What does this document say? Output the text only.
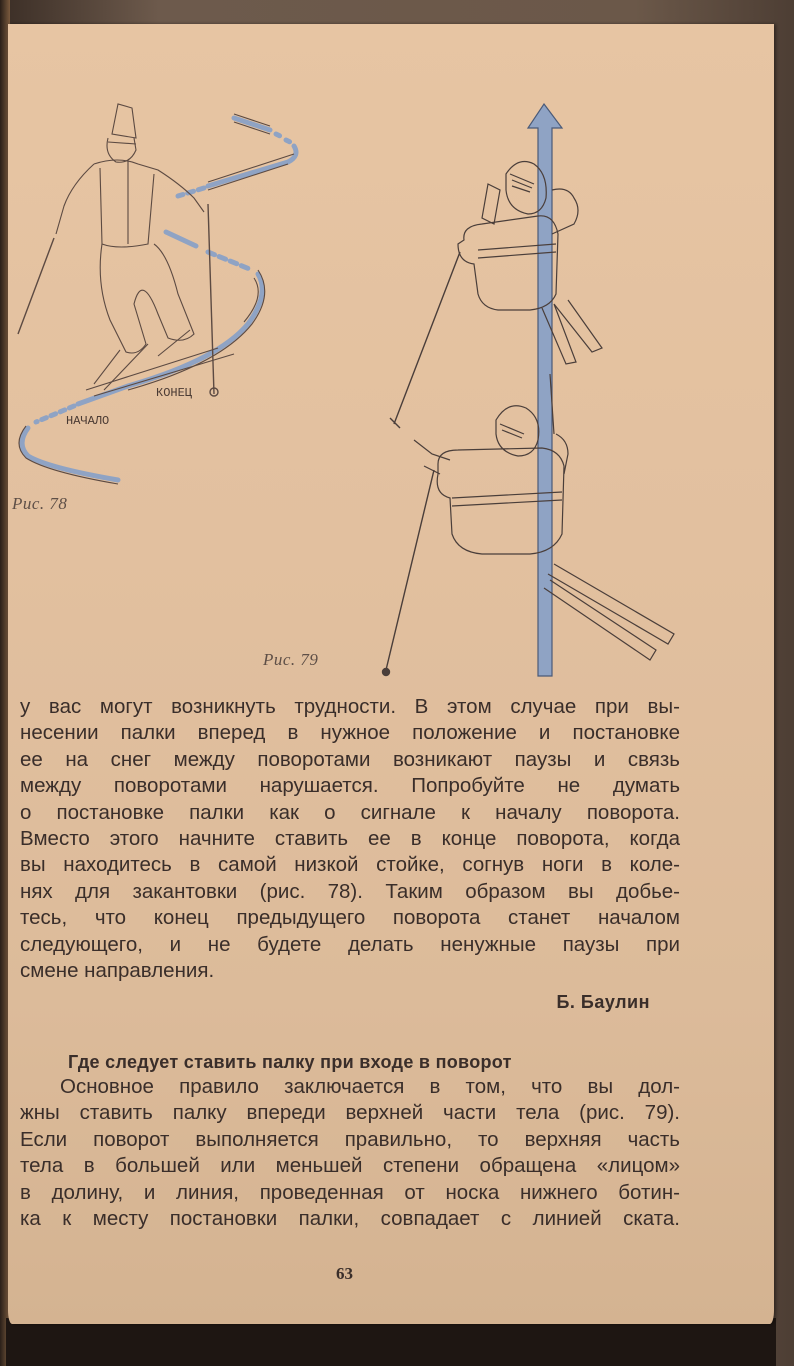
КОНЕЦ
НАЧАЛО
Рис. 78
Рис. 79
у вас могут возникнуть трудности. В этом случае при вы-
несении палки вперед в нужное положение и постановке
ее на снег между поворотами возникают паузы и связь
между поворотами нарушается. Попробуйте не думать
о постановке палки как о сигнале к началу поворота.
Вместо этого начните ставить ее в конце поворота, когда
вы находитесь в самой низкой стойке, согнув ноги в коле-
нях для закантовки (рис. 78). Таким образом вы добье-
тесь, что конец предыдущего поворота станет началом
следующего, и не будете делать ненужные паузы при
смене направления.
Б. Баулин
Где следует ставить палку при входе в поворот
Основное правило заключается в том, что вы дол-
жны ставить палку впереди верхней части тела (рис. 79).
Если поворот выполняется правильно, то верхняя часть
тела в большей или меньшей степени обращена «лицом»
в долину, и линия, проведенная от носка нижнего ботин-
ка к месту постановки палки, совпадает с линией ската.
63
